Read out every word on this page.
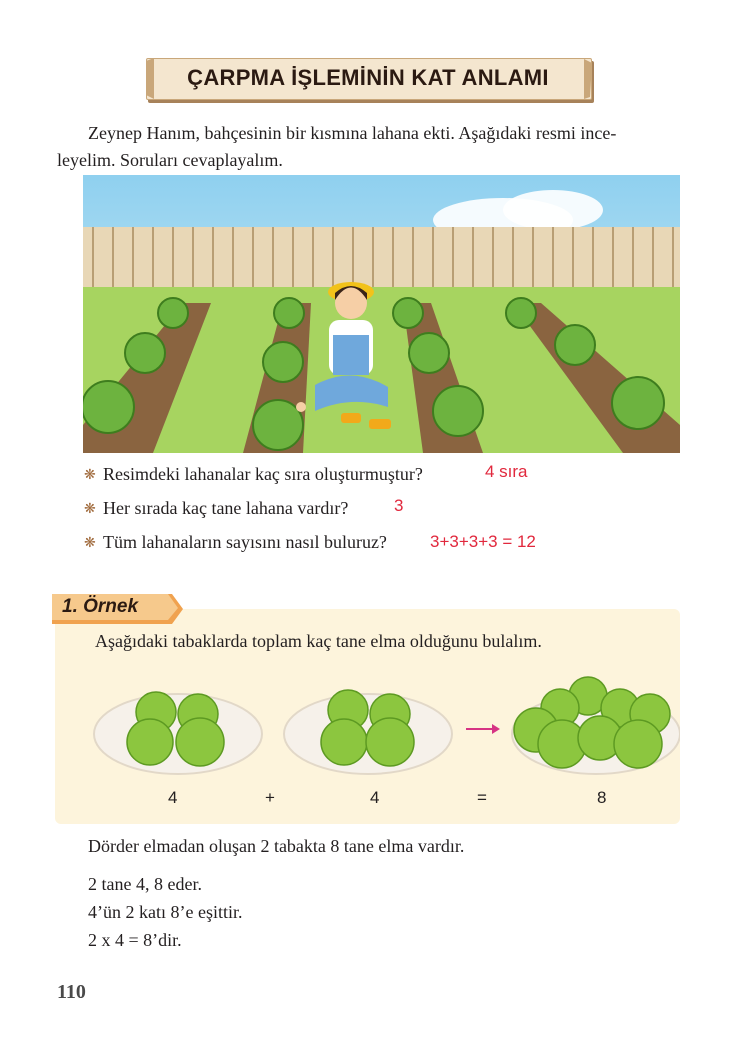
ÇARPMA İŞLEMİNİN KAT ANLAMI
Zeynep Hanım, bahçesinin bir kısmına lahana ekti. Aşağıdaki resmi ince-
leyelim. Soruları cevaplayalım.
❋ Resimdeki lahanalar kaç sıra oluşturmuştur?	4 sıra
❋ Her sırada kaç tane lahana vardır?	3
❋ Tüm lahanaların sayısını nasıl buluruz?	3+3+3+3 = 12
1. Örnek
Aşağıdaki tabaklarda toplam kaç tane elma olduğunu bulalım.
4	+	4	=	8
Dörder elmadan oluşan 2 tabakta 8 tane elma vardır.
2 tane 4, 8 eder.
4’ün 2 katı 8’e eşittir.
2 x 4 = 8’dir.
110
